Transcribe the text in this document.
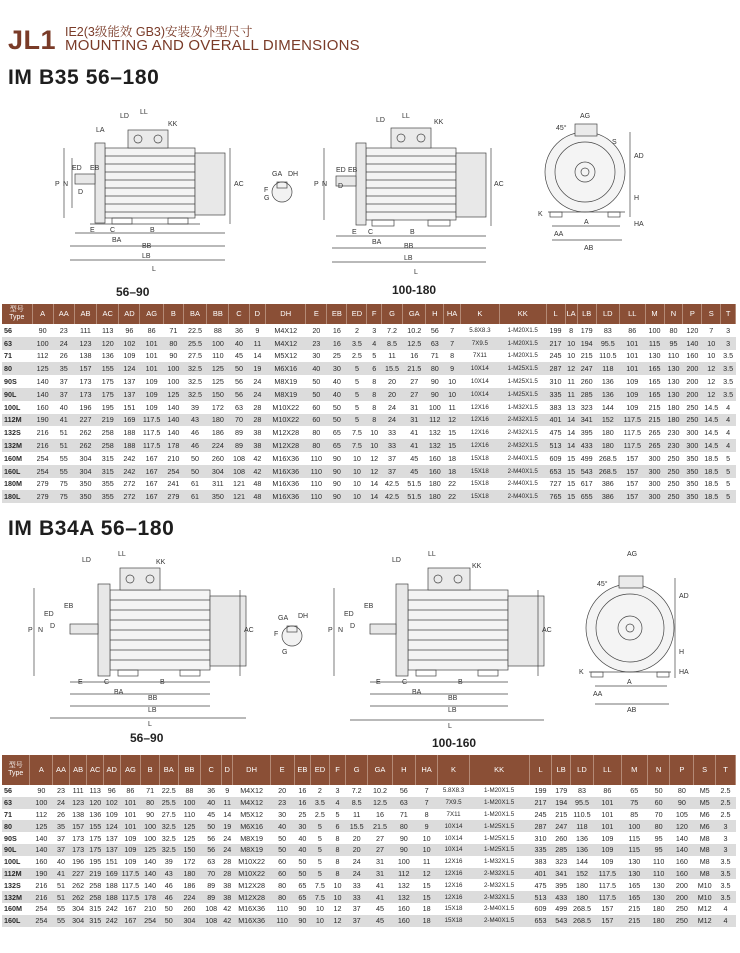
JL1 IE2(3级能效 GB3)安装及外型尺寸
MOUNTING AND OVERALL DIMENSIONS
IM B35 56–180
LD
LL
KK
LA
AC
P N
ED EB
D
E C	B
BA
BB
LB
L
56–90
GA DH
F
G
LD
LL
KK
AC
P N
ED EB
D
E C	B
BA
BB
LB
L
100-180
AG
45°
S
AD
H
HA
K
A
AA
AB
型号
Type	A	AA	AB	AC	AD	AG	B	BA	BB	C	D	DH	E	EB	ED	F	G	GA	H	HA	K	KK	L	LA	LB	LD	LL	M	N	P	S	T
56	90	23	111	113	96	86	71	22.5	88	36	9	M4X12	20	16	2	3	7.2	10.2	56	7	5.8X8.3	1-M20X1.5	199	8	179	83	86	100	80	120	7	3
63	100	24	123	120	102	101	80	25.5	100	40	11	M4X12	23	16	3.5	4	8.5	12.5	63	7	7X9.5	1-M20X1.5	217	10	194	95.5	101	115	95	140	10	3
71	112	26	138	136	109	101	90	27.5	110	45	14	M5X12	30	25	2.5	5	11	16	71	8	7X11	1-M20X1.5	245	10	215	110.5	101	130	110	160	10	3.5
80	125	35	157	155	124	101	100	32.5	125	50	19	M6X16	40	30	5	6	15.5	21.5	80	9	10X14	1-M25X1.5	287	12	247	118	101	165	130	200	12	3.5
90S	140	37	173	175	137	109	100	32.5	125	56	24	M8X19	50	40	5	8	20	27	90	10	10X14	1-M25X1.5	310	11	260	136	109	165	130	200	12	3.5
90L	140	37	173	175	137	109	125	32.5	150	56	24	M8X19	50	40	5	8	20	27	90	10	10X14	1-M25X1.5	335	11	285	136	109	165	130	200	12	3.5
100L	160	40	196	195	151	109	140	39	172	63	28	M10X22	60	50	5	8	24	31	100	11	12X16	1-M32X1.5	383	13	323	144	109	215	180	250	14.5	4
112M	190	41	227	219	169	117.5	140	43	180	70	28	M10X22	60	50	5	8	24	31	112	12	12X16	2-M32X1.5	401	14	341	152	117.5	215	180	250	14.5	4
132S	216	51	262	258	188	117.5	140	46	186	89	38	M12X28	80	65	7.5	10	33	41	132	15	12X16	2-M32X1.5	475	14	395	180	117.5	265	230	300	14.5	4
132M	216	51	262	258	188	117.5	178	46	224	89	38	M12X28	80	65	7.5	10	33	41	132	15	12X16	2-M32X1.5	513	14	433	180	117.5	265	230	300	14.5	4
160M	254	55	304	315	242	167	210	50	260	108	42	M16X36	110	90	10	12	37	45	160	18	15X18	2-M40X1.5	609	15	499	268.5	157	300	250	350	18.5	5
160L	254	55	304	315	242	167	254	50	304	108	42	M16X36	110	90	10	12	37	45	160	18	15X18	2-M40X1.5	653	15	543	268.5	157	300	250	350	18.5	5
180M	279	75	350	355	272	167	241	61	311	121	48	M16X36	110	90	10	14	42.5	51.5	180	22	15X18	2-M40X1.5	727	15	617	386	157	300	250	350	18.5	5
180L	279	75	350	355	272	167	279	61	350	121	48	M16X36	110	90	10	14	42.5	51.5	180	22	15X18	2-M40X1.5	765	15	655	386	157	300	250	350	18.5	5
IM B34A 56–180
LD
LL
KK
AC
P N
ED
EB
D
E	C	B
BA
BB
LB
L
56–90
GA DH
F
G
LD
LL
KK
AC
P N
ED
EB
D
E	C	B
BA
BB
LB
L
100-160
AG
45°
AD
H
HA
K
A
AA
AB
型号
Type	A	AA	AB	AC	AD	AG	B	BA	BB	C	D	DH	E	EB	ED	F	G	GA	H	HA	K	KK	L	LB	LD	LL	M	N	P	S	T
56	90	23	111	113	96	86	71	22.5	88	36	9	M4X12	20	16	2	3	7.2	10.2	56	7	5.8X8.3	1-M20X1.5	199	179	83	86	65	50	80	M5	2.5
63	100	24	123	120	102	101	80	25.5	100	40	11	M4X12	23	16	3.5	4	8.5	12.5	63	7	7X9.5	1-M20X1.5	217	194	95.5	101	75	60	90	M5	2.5
71	112	26	138	136	109	101	90	27.5	110	45	14	M5X12	30	25	2.5	5	11	16	71	8	7X11	1-M20X1.5	245	215	110.5	101	85	70	105	M6	2.5
80	125	35	157	155	124	101	100	32.5	125	50	19	M6X16	40	30	5	6	15.5	21.5	80	9	10X14	1-M25X1.5	287	247	118	101	100	80	120	M6	3
90S	140	37	173	175	137	109	100	32.5	125	56	24	M8X19	50	40	5	8	20	27	90	10	10X14	1-M25X1.5	310	260	136	109	115	95	140	M8	3
90L	140	37	173	175	137	109	125	32.5	150	56	24	M8X19	50	40	5	8	20	27	90	10	10X14	1-M25X1.5	335	285	136	109	115	95	140	M8	3
100L	160	40	196	195	151	109	140	39	172	63	28	M10X22	60	50	5	8	24	31	100	11	12X16	1-M32X1.5	383	323	144	109	130	110	160	M8	3.5
112M	190	41	227	219	169	117.5	140	43	180	70	28	M10X22	60	50	5	8	24	31	112	12	12X16	2-M32X1.5	401	341	152	117.5	130	110	160	M8	3.5
132S	216	51	262	258	188	117.5	140	46	186	89	38	M12X28	80	65	7.5	10	33	41	132	15	12X16	2-M32X1.5	475	395	180	117.5	165	130	200	M10	3.5
132M	216	51	262	258	188	117.5	178	46	224	89	38	M12X28	80	65	7.5	10	33	41	132	15	12X16	2-M32X1.5	513	433	180	117.5	165	130	200	M10	3.5
160M	254	55	304	315	242	167	210	50	260	108	42	M16X36	110	90	10	12	37	45	160	18	15X18	2-M40X1.5	609	499	268.5	157	215	180	250	M12	4
160L	254	55	304	315	242	167	254	50	304	108	42	M16X36	110	90	10	12	37	45	160	18	15X18	2-M40X1.5	653	543	268.5	157	215	180	250	M12	4
